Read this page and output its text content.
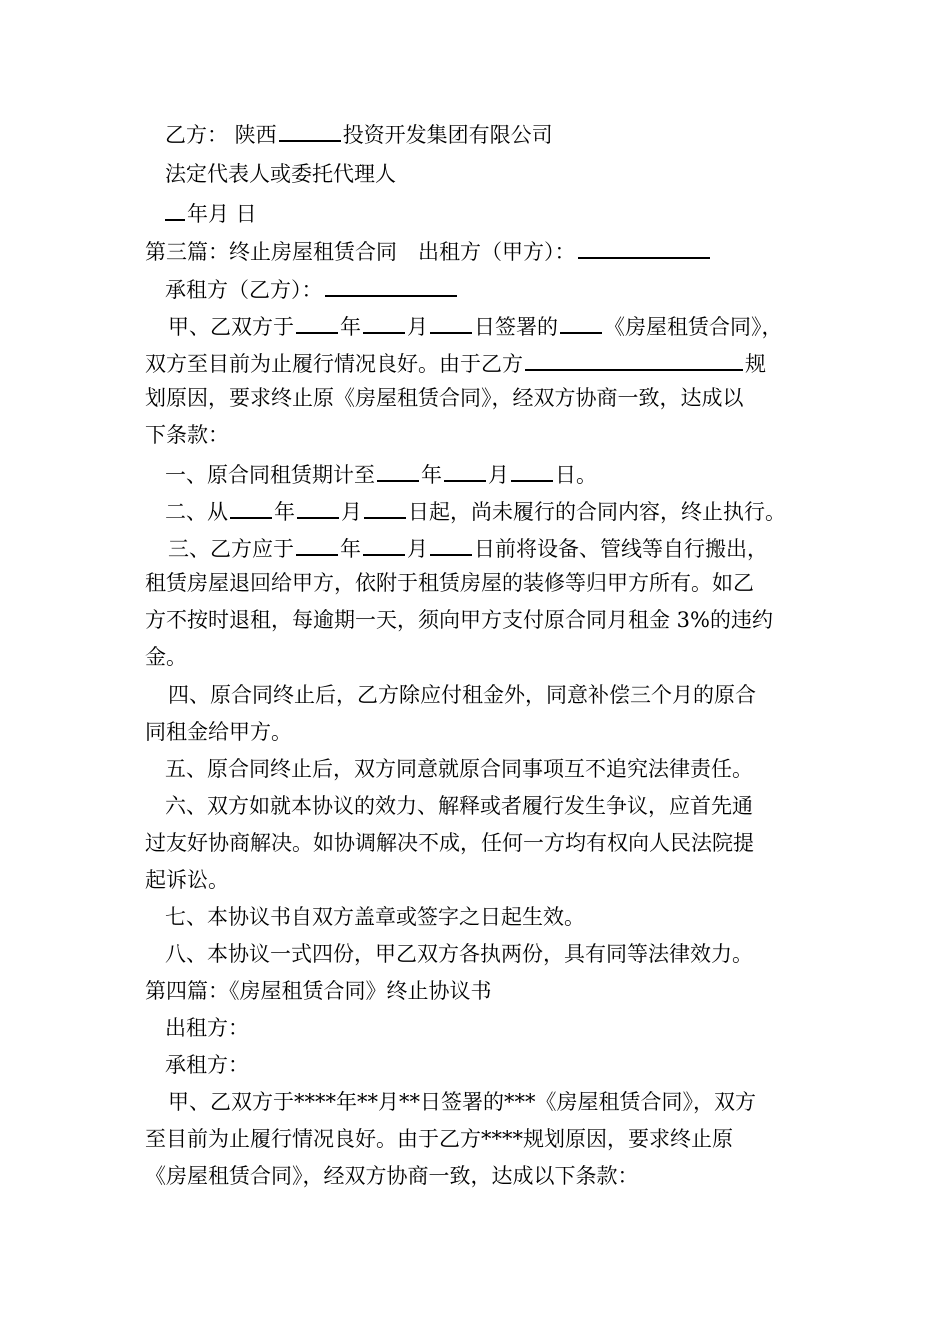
乙方： 陕西	投资开发集团有限公司
法定代表人或委托代理人
年月 日
第三篇：终止房屋租赁合同　出租方（甲方）：
承租方（乙方）：
甲、乙双方于 年 月 日签署的 《房屋租赁合同》，
双方至目前为止履行情况良好。由于乙方	规
划原因，要求终止原《房屋租赁合同》，经双方协商一致，达成以
下条款：
一、原合同租赁期计至 年 月 日。
二、从 年 月 日起，尚未履行的合同内容，终止执行。
三、乙方应于 年 月 日前将设备、管线等自行搬出，
租赁房屋退回给甲方，依附于租赁房屋的装修等归甲方所有。如乙
方不按时退租，每逾期一天，须向甲方支付原合同月租金 3%的违约
金。
四、原合同终止后，乙方除应付租金外，同意补偿三个月的原合
同租金给甲方。
五、原合同终止后，双方同意就原合同事项互不追究法律责任。
六、双方如就本协议的效力、解释或者履行发生争议，应首先通
过友好协商解决。如协调解决不成，任何一方均有权向人民法院提
起诉讼。
七、本协议书自双方盖章或签字之日起生效。
八、本协议一式四份，甲乙双方各执两份，具有同等法律效力。
第四篇：《房屋租赁合同》终止协议书
出租方：
承租方：
甲、乙双方于****年**月**日签署的***《房屋租赁合同》，双方
至目前为止履行情况良好。由于乙方****规划原因，要求终止原
《房屋租赁合同》，经双方协商一致，达成以下条款：
